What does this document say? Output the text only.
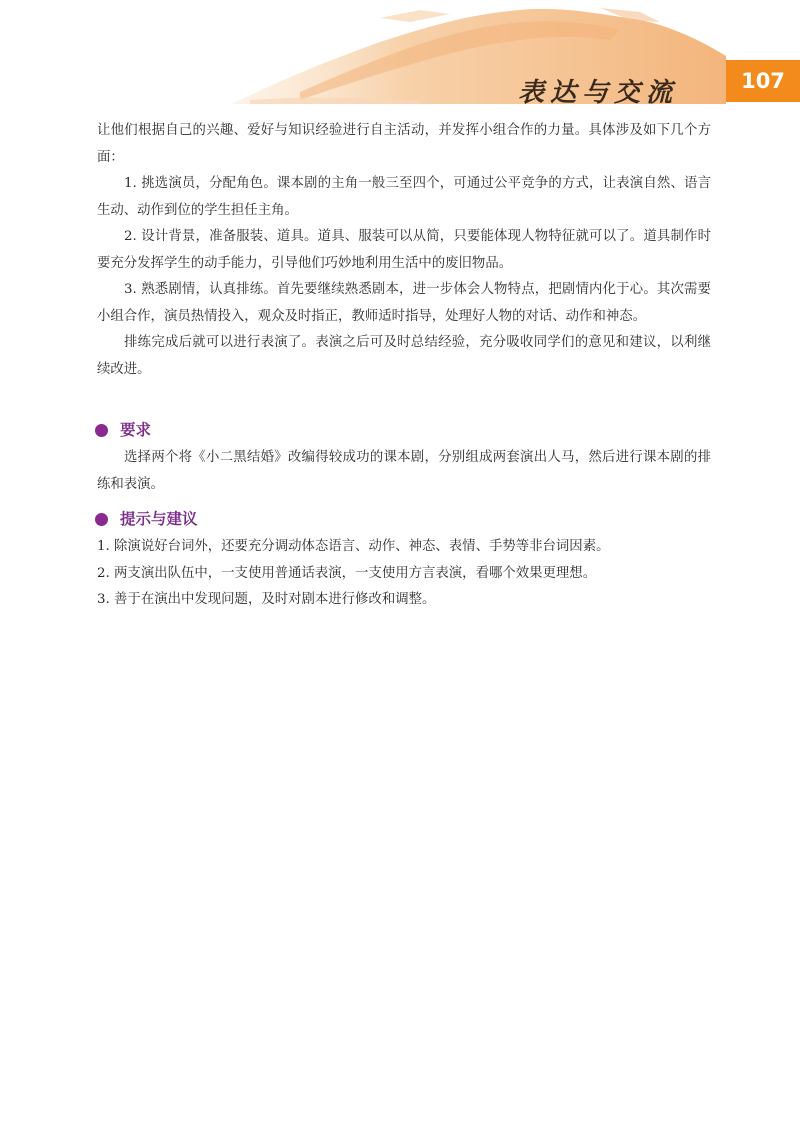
表达与交流	107

让他们根据自己的兴趣、爱好与知识经验进行自主活动，并发挥小组合作的力量。具体涉及如下几个方面：

1. 挑选演员，分配角色。课本剧的主角一般三至四个，可通过公平竞争的方式，让表演自然、语言生动、动作到位的学生担任主角。

2. 设计背景，准备服装、道具。道具、服装可以从简，只要能体现人物特征就可以了。道具制作时要充分发挥学生的动手能力，引导他们巧妙地利用生活中的废旧物品。

3. 熟悉剧情，认真排练。首先要继续熟悉剧本，进一步体会人物特点，把剧情内化于心。其次需要小组合作，演员热情投入，观众及时指正，教师适时指导，处理好人物的对话、动作和神态。

排练完成后就可以进行表演了。表演之后可及时总结经验，充分吸收同学们的意见和建议，以利继续改进。

要求

选择两个将《小二黑结婚》改编得较成功的课本剧，分别组成两套演出人马，然后进行课本剧的排练和表演。

提示与建议

1. 除演说好台词外，还要充分调动体态语言、动作、神态、表情、手势等非台词因素。

2. 两支演出队伍中，一支使用普通话表演，一支使用方言表演，看哪个效果更理想。

3. 善于在演出中发现问题，及时对剧本进行修改和调整。
